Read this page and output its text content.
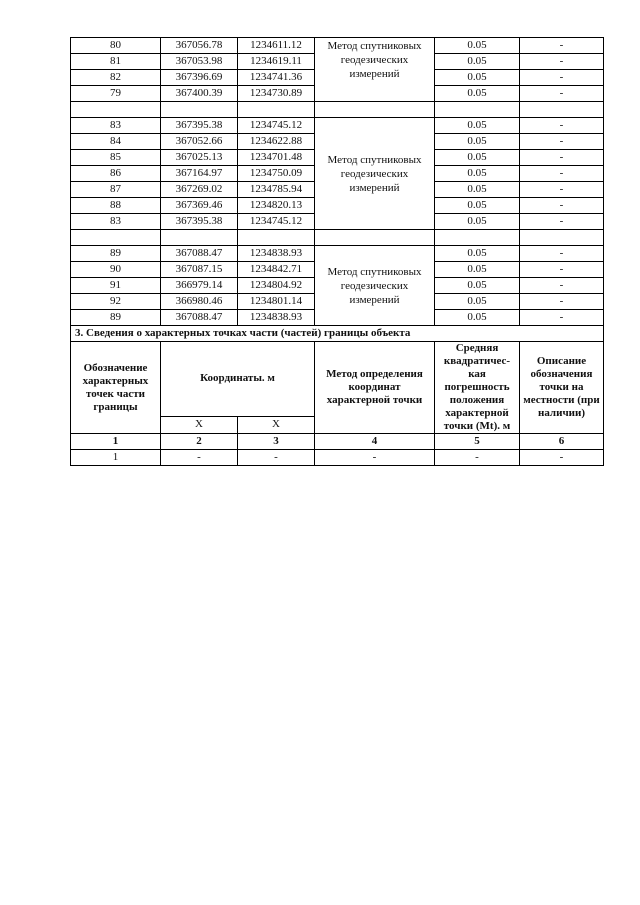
80	367056.78	1234611.12	Метод спутниковых геодезических измерений	0.05	-
81	367053.98	1234619.11		0.05	-
82	367396.69	1234741.36		0.05	-
79	367400.39	1234730.89		0.05	-

83	367395.38	1234745.12	Метод спутниковых геодезических измерений	0.05	-
84	367052.66	1234622.88		0.05	-
85	367025.13	1234701.48		0.05	-
86	367164.97	1234750.09		0.05	-
87	367269.02	1234785.94		0.05	-
88	367369.46	1234820.13		0.05	-
83	367395.38	1234745.12		0.05	-

89	367088.47	1234838.93	Метод спутниковых геодезических измерений	0.05	-
90	367087.15	1234842.71		0.05	-
91	366979.14	1234804.92		0.05	-
92	366980.46	1234801.14		0.05	-
89	367088.47	1234838.93		0.05	-
3. Сведения о характерных точках части (частей) границы объекта					
Обозначение характерных точек части границы	Координаты. м		Метод определения координат характерной точки	Средняя квадратичес-кая погрешность положения характерной точки (Mt). м	Описание обозначения точки на местности (при наличии)
	X	X			
1	2	3	4	5	6
1	-	-	-	-	-
